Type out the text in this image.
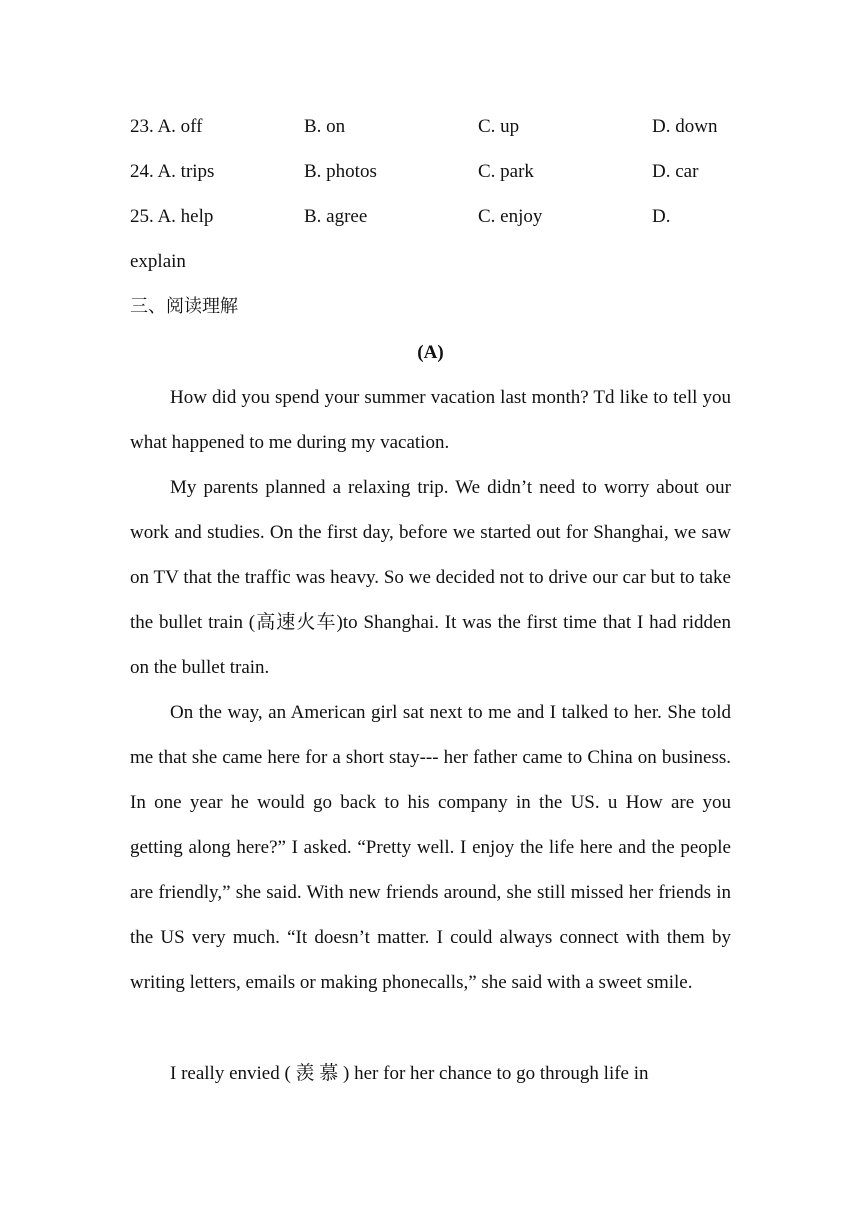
23. A. off	B. on	C. up	D. down
24. A. trips	B. photos	C. park	D. car
25. A. help	B. agree	C. enjoy	D.
explain
三、阅读理解
(A)

How did you spend your summer vacation last month? Td like to tell you what happened to me during my vacation.

My parents planned a relaxing trip. We didn’t need to worry about our work and studies. On the first day, before we started out for Shanghai, we saw on TV that the traffic was heavy. So we decided not to drive our car but to take the bullet train (高速火车)to Shanghai. It was the first time that I had ridden on the bullet train.

On the way, an American girl sat next to me and I talked to her. She told me that she came here for a short stay--- her father came to China on business. In one year he would go back to his company in the US. u How are you getting along here?” I asked. “Pretty well. I enjoy the life here and the people are friendly,” she said. With new friends around, she still missed her friends in the US very much. “It doesn’t matter. I could always connect with them by writing letters, emails or making phonecalls,” she said with a sweet smile.

I really envied ( 羡 慕 ) her for her chance to go through life in
